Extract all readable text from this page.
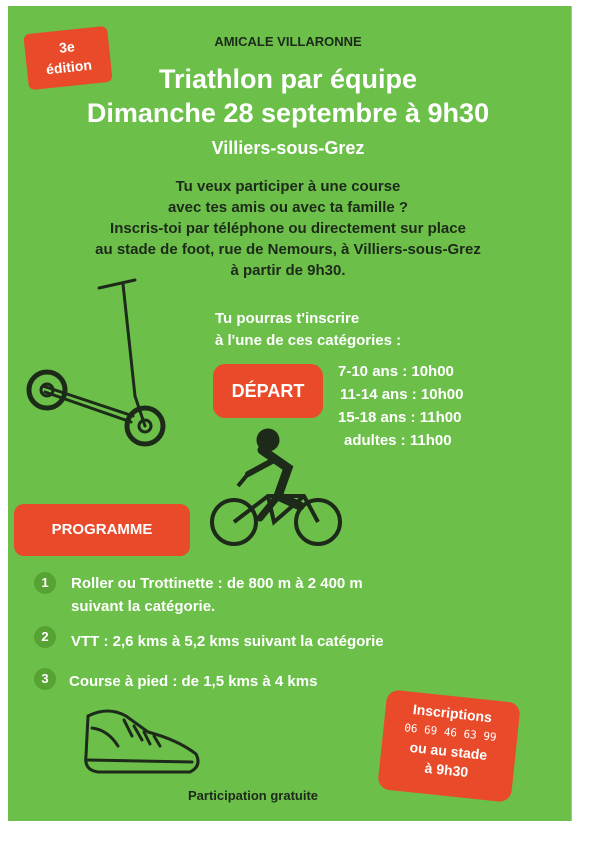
3e
édition
AMICALE VILLARONNE
Triathlon par équipe
Dimanche 28 septembre à 9h30
Villiers-sous-Grez
Tu veux participer à une course
avec tes amis ou avec ta famille ?
Inscris-toi par téléphone ou directement sur place
au stade de foot, rue de Nemours, à Villiers-sous-Grez
à partir de 9h30.
Tu pourras t'inscrire
à l'une de ces catégories :
DÉPART
7-10 ans : 10h00
11-14 ans : 10h00
15-18 ans : 11h00
adultes : 11h00
PROGRAMME
1	Roller ou Trottinette : de 800 m à 2 400 m
suivant la catégorie.
2	VTT : 2,6 kms à 5,2 kms suivant la catégorie
3	Course à pied : de 1,5 kms à 4 kms
Inscriptions
06 69 46 63 99
ou au stade
à 9h30
Participation gratuite
